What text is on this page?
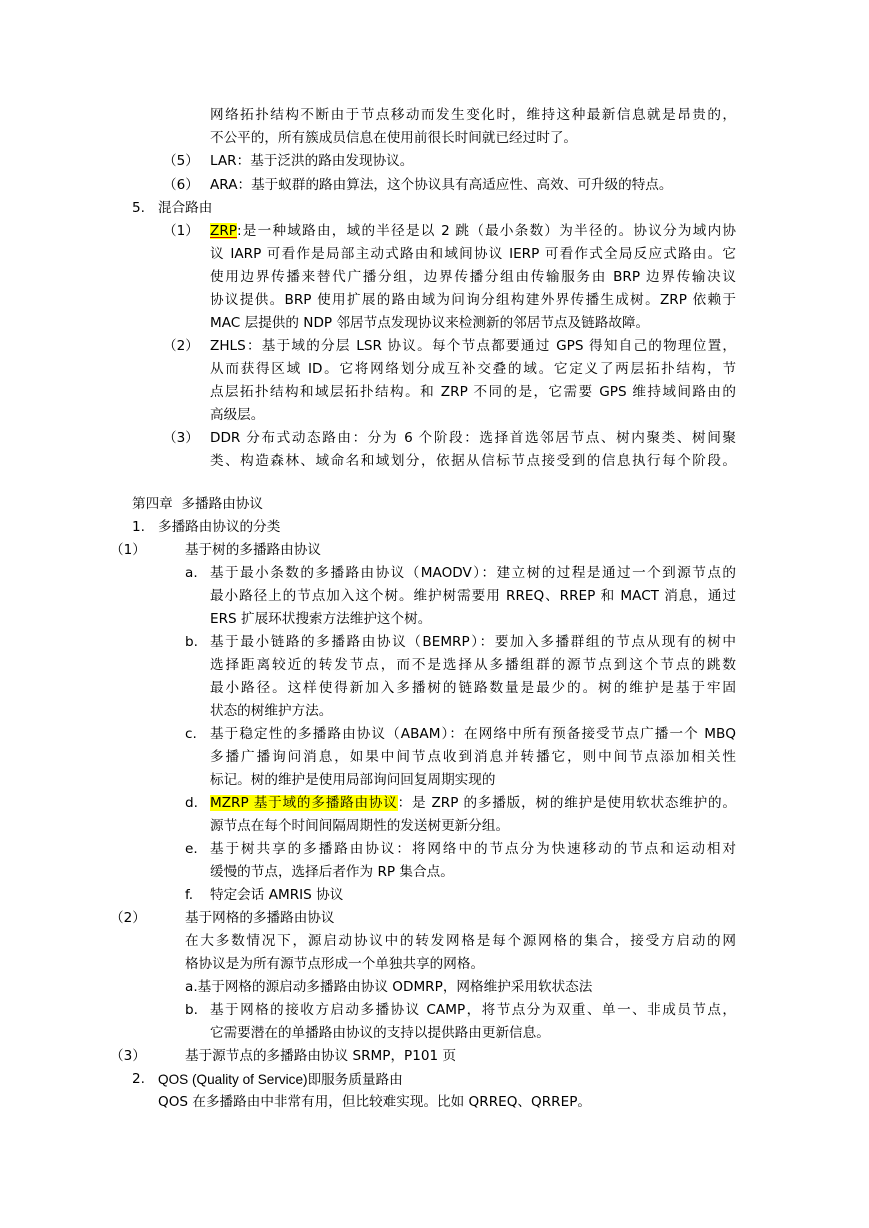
网络拓扑结构不断由于节点移动而发生变化时，维持这种最新信息就是昂贵的，
不公平的，所有簇成员信息在使用前很长时间就已经过时了。
（5） LAR：基于泛洪的路由发现协议。
（6） ARA：基于蚁群的路由算法，这个协议具有高适应性、高效、可升级的特点。
5. 混合路由
（1） ZRP:是一种域路由，域的半径是以 2 跳（最小条数）为半径的。协议分为域内协
议 IARP 可看作是局部主动式路由和域间协议 IERP 可看作式全局反应式路由。它
使用边界传播来替代广播分组，边界传播分组由传输服务由 BRP 边界传输决议
协议提供。BRP 使用扩展的路由域为问询分组构建外界传播生成树。ZRP 依赖于
MAC 层提供的 NDP 邻居节点发现协议来检测新的邻居节点及链路故障。
（2） ZHLS：基于域的分层 LSR 协议。每个节点都要通过 GPS 得知自己的物理位置，
从而获得区域 ID。它将网络划分成互补交叠的域。它定义了两层拓扑结构，节
点层拓扑结构和域层拓扑结构。和 ZRP 不同的是，它需要 GPS 维持域间路由的
高级层。
（3） DDR 分布式动态路由：分为 6 个阶段：选择首选邻居节点、树内聚类、树间聚
类、构造森林、域命名和域划分，依据从信标节点接受到的信息执行每个阶段。
第四章  多播路由协议
1. 多播路由协议的分类
（1）	基于树的多播路由协议
a. 基于最小条数的多播路由协议（MAODV）：建立树的过程是通过一个到源节点的
最小路径上的节点加入这个树。维护树需要用 RREQ、RREP 和 MACT 消息，通过
ERS 扩展环状搜索方法维护这个树。
b. 基于最小链路的多播路由协议（BEMRP）：要加入多播群组的节点从现有的树中
选择距离较近的转发节点，而不是选择从多播组群的源节点到这个节点的跳数
最小路径。这样使得新加入多播树的链路数量是最少的。树的维护是基于牢固
状态的树维护方法。
c. 基于稳定性的多播路由协议（ABAM）：在网络中所有预备接受节点广播一个 MBQ
多播广播询问消息，如果中间节点收到消息并转播它，则中间节点添加相关性
标记。树的维护是使用局部询问回复周期实现的
d. MZRP 基于域的多播路由协议：是 ZRP 的多播版，树的维护是使用软状态维护的。
源节点在每个时间间隔周期性的发送树更新分组。
e. 基于树共享的多播路由协议：将网络中的节点分为快速移动的节点和运动相对
缓慢的节点，选择后者作为 RP 集合点。
f. 特定会话 AMRIS 协议
（2）	基于网格的多播路由协议
在大多数情况下，源启动协议中的转发网格是每个源网格的集合，接受方启动的网
格协议是为所有源节点形成一个单独共享的网格。
a.基于网格的源启动多播路由协议 ODMRP，网格维护采用软状态法
b. 基于网格的接收方启动多播协议 CAMP，将节点分为双重、单一、非成员节点，
它需要潜在的单播路由协议的支持以提供路由更新信息。
（3）	基于源节点的多播路由协议 SRMP，P101 页
2. QOS (Quality of Service)即服务质量路由
QOS 在多播路由中非常有用，但比较难实现。比如 QRREQ、QRREP。
